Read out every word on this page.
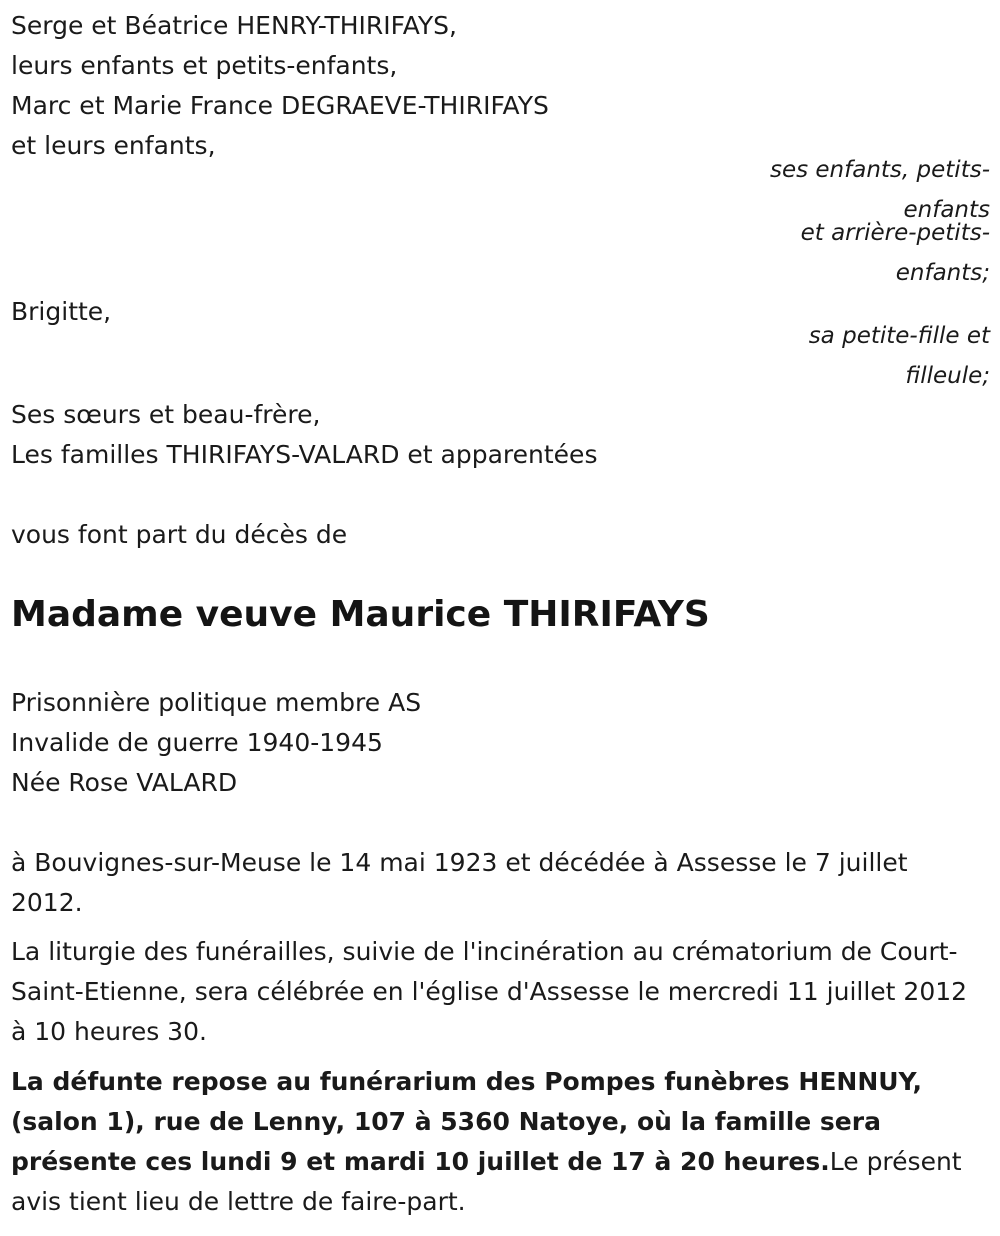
Serge et Béatrice HENRY-THIRIFAYS,
leurs enfants et petits-enfants,
Marc et Marie France DEGRAEVE-THIRIFAYS
et leurs enfants,
ses enfants, petits-
enfants
et arrière-petits-
enfants;
Brigitte,
sa petite-fille et
filleule;
Ses sœurs et beau-frère,
Les familles THIRIFAYS-VALARD et apparentées
vous font part du décès de
Madame veuve Maurice THIRIFAYS
Prisonnière politique membre AS
Invalide de guerre 1940-1945
Née Rose VALARD
à Bouvignes-sur-Meuse le 14 mai 1923 et décédée à Assesse le 7 juillet 2012.
La liturgie des funérailles, suivie de l'incinération au crématorium de Court-Saint-Etienne, sera célébrée en l'église d'Assesse le mercredi 11 juillet 2012 à 10 heures 30.
La défunte repose au funérarium des Pompes funèbres HENNUY, (salon 1), rue de Lenny, 107 à 5360 Natoye, où la famille sera présente ces lundi 9 et mardi 10 juillet de 17 à 20 heures.Le présent avis tient lieu de lettre de faire-part.
